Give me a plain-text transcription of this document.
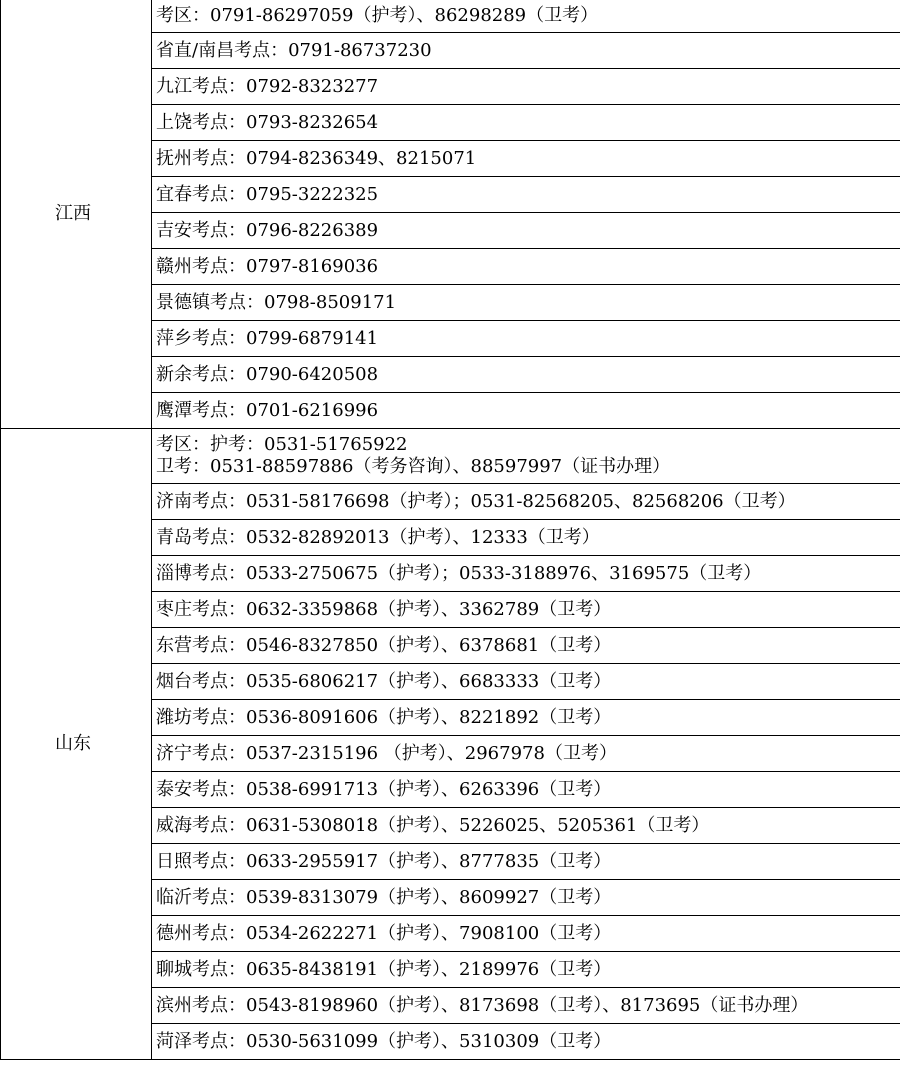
江西	考区：0791-86297059（护考）、86298289（卫考）

	省直/南昌考点：0791-86737230

	九江考点：0792-8323277

	上饶考点：0793-8232654

	抚州考点：0794-8236349、8215071

	宜春考点：0795-3222325

	吉安考点：0796-8226389

	赣州考点：0797-8169036

	景德镇考点：0798-8509171

	萍乡考点：0799-6879141

	新余考点：0790-6420508

	鹰潭考点：0701-6216996

山东	考区：护考：0531-51765922
卫考：0531-88597886（考务咨询）、88597997（证书办理）

	济南考点：0531-58176698（护考）；0531-82568205、82568206（卫考）

	青岛考点：0532-82892013（护考）、12333（卫考）

	淄博考点：0533-2750675（护考）；0533-3188976、3169575（卫考）

	枣庄考点：0632-3359868（护考）、3362789（卫考）

	东营考点：0546-8327850（护考）、6378681（卫考）

	烟台考点：0535-6806217（护考）、6683333（卫考）

	潍坊考点：0536-8091606（护考）、8221892（卫考）

	济宁考点：0537-2315196 （护考）、2967978（卫考）

	泰安考点：0538-6991713（护考）、6263396（卫考）

	威海考点：0631-5308018（护考）、5226025、5205361（卫考）

	日照考点：0633-2955917（护考）、8777835（卫考）

	临沂考点：0539-8313079（护考）、8609927（卫考）

	德州考点：0534-2622271（护考）、7908100（卫考）

	聊城考点：0635-8438191（护考）、2189976（卫考）

	滨州考点：0543-8198960（护考）、8173698（卫考）、8173695（证书办理）

	菏泽考点：0530-5631099（护考）、5310309（卫考）
